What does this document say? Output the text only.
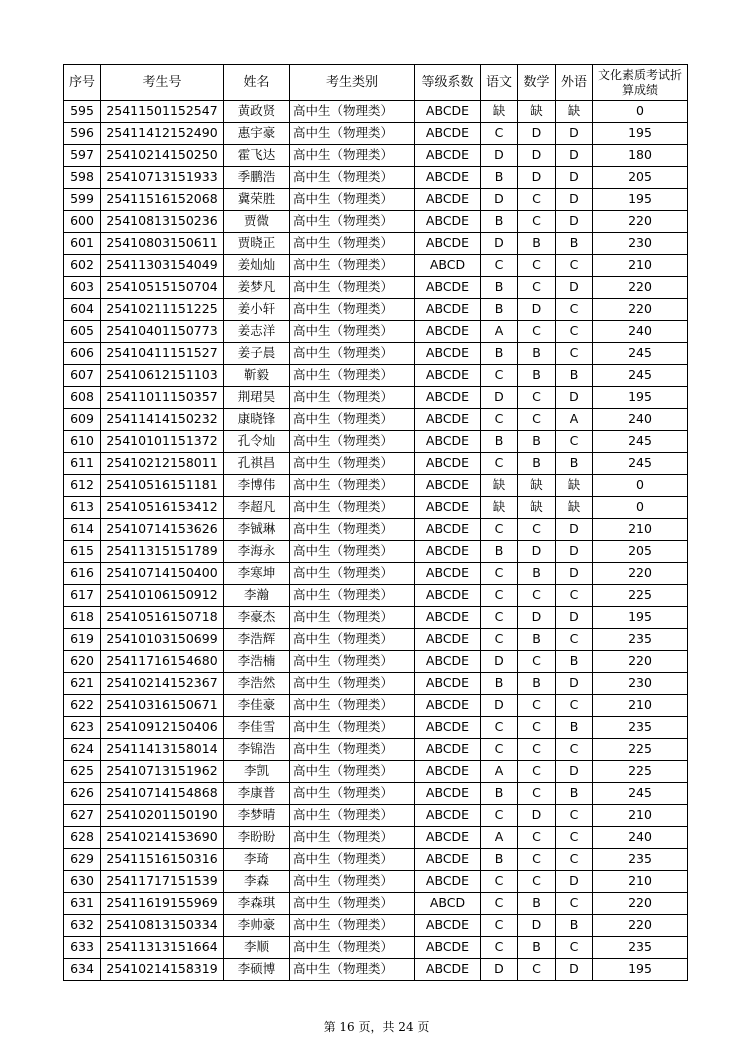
序号	考生号	姓名	考生类别	等级系数	语文	数学	外语	文化素质考试折算成绩
595	25411501152547	黄政贤	高中生（物理类）	ABCDE	缺	缺	缺	0
596	25411412152490	惠宇豪	高中生（物理类）	ABCDE	C	D	D	195
597	25410214150250	霍飞达	高中生（物理类）	ABCDE	D	D	D	180
598	25410713151933	季鹏浩	高中生（物理类）	ABCDE	B	D	D	205
599	25411516152068	冀荣胜	高中生（物理类）	ABCDE	D	C	D	195
600	25410813150236	贾微	高中生（物理类）	ABCDE	B	C	D	220
601	25410803150611	贾晓正	高中生（物理类）	ABCDE	D	B	B	230
602	25411303154049	姜灿灿	高中生（物理类）	ABCD	C	C	C	210
603	25410515150704	姜梦凡	高中生（物理类）	ABCDE	B	C	D	220
604	25410211151225	姜小轩	高中生（物理类）	ABCDE	B	D	C	220
605	25410401150773	姜志洋	高中生（物理类）	ABCDE	A	C	C	240
606	25410411151527	姜子晨	高中生（物理类）	ABCDE	B	B	C	245
607	25410612151103	靳毅	高中生（物理类）	ABCDE	C	B	B	245
608	25411011150357	荆珺昊	高中生（物理类）	ABCDE	D	C	D	195
609	25411414150232	康晓锋	高中生（物理类）	ABCDE	C	C	A	240
610	25410101151372	孔令灿	高中生（物理类）	ABCDE	B	B	C	245
611	25410212158011	孔祺昌	高中生（物理类）	ABCDE	C	B	B	245
612	25410516151181	李博伟	高中生（物理类）	ABCDE	缺	缺	缺	0
613	25410516153412	李超凡	高中生（物理类）	ABCDE	缺	缺	缺	0
614	25410714153626	李铖琳	高中生（物理类）	ABCDE	C	C	D	210
615	25411315151789	李海永	高中生（物理类）	ABCDE	B	D	D	205
616	25410714150400	李寒坤	高中生（物理类）	ABCDE	C	B	D	220
617	25410106150912	李瀚	高中生（物理类）	ABCDE	C	C	C	225
618	25410516150718	李豪杰	高中生（物理类）	ABCDE	C	D	D	195
619	25410103150699	李浩辉	高中生（物理类）	ABCDE	C	B	C	235
620	25411716154680	李浩楠	高中生（物理类）	ABCDE	D	C	B	220
621	25410214152367	李浩然	高中生（物理类）	ABCDE	B	B	D	230
622	25410316150671	李佳豪	高中生（物理类）	ABCDE	D	C	C	210
623	25410912150406	李佳雪	高中生（物理类）	ABCDE	C	C	B	235
624	25411413158014	李锦浩	高中生（物理类）	ABCDE	C	C	C	225
625	25410713151962	李凯	高中生（物理类）	ABCDE	A	C	D	225
626	25410714154868	李康普	高中生（物理类）	ABCDE	B	C	B	245
627	25410201150190	李梦晴	高中生（物理类）	ABCDE	C	D	C	210
628	25410214153690	李盼盼	高中生（物理类）	ABCDE	A	C	C	240
629	25411516150316	李琦	高中生（物理类）	ABCDE	B	C	C	235
630	25411717151539	李森	高中生（物理类）	ABCDE	C	C	D	210
631	25411619155969	李森琪	高中生（物理类）	ABCD	C	B	C	220
632	25410813150334	李帅豪	高中生（物理类）	ABCDE	C	D	B	220
633	25411313151664	李顺	高中生（物理类）	ABCDE	C	B	C	235
634	25410214158319	李硕博	高中生（物理类）	ABCDE	D	C	D	195
第 16 页，共 24 页
